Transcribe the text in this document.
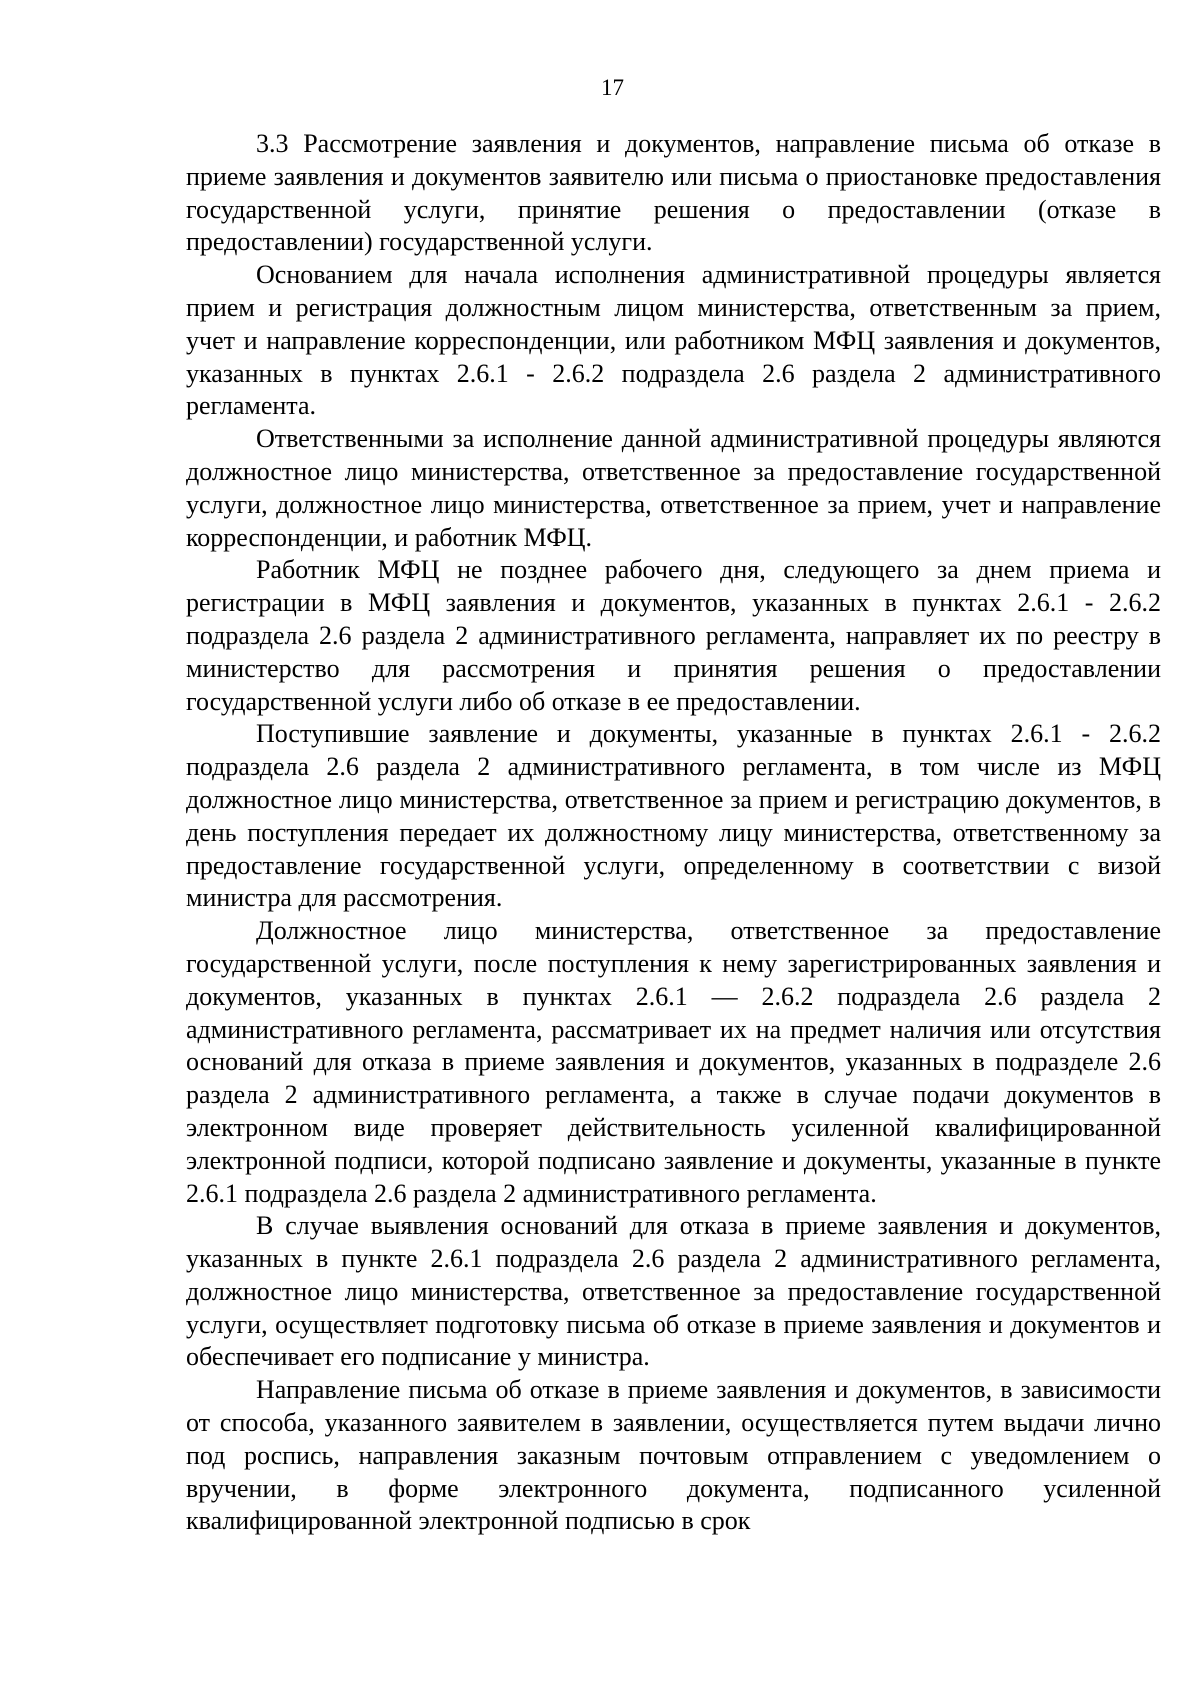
17

3.3 Рассмотрение заявления и документов, направление письма об отказе в приеме заявления и документов заявителю или письма о приостановке предоставления государственной услуги, принятие решения о предоставлении (отказе в предоставлении) государственной услуги.

Основанием для начала исполнения административной процедуры является прием и регистрация должностным лицом министерства, ответственным за прием, учет и направление корреспонденции, или работником МФЦ заявления и документов, указанных в пунктах 2.6.1 - 2.6.2 подраздела 2.6 раздела 2 административного регламента.

Ответственными за исполнение данной административной процедуры являются должностное лицо министерства, ответственное за предоставление государственной услуги, должностное лицо министерства, ответственное за прием, учет и направление корреспонденции, и работник МФЦ.

Работник МФЦ не позднее рабочего дня, следующего за днем приема и регистрации в МФЦ заявления и документов, указанных в пунктах 2.6.1 - 2.6.2 подраздела 2.6 раздела 2 административного регламента, направляет их по реестру в министерство для рассмотрения и принятия решения о предоставлении государственной услуги либо об отказе в ее предоставлении.

Поступившие заявление и документы, указанные в пунктах 2.6.1 - 2.6.2 подраздела 2.6 раздела 2 административного регламента, в том числе из МФЦ должностное лицо министерства, ответственное за прием и регистрацию документов, в день поступления передает их должностному лицу министерства, ответственному за предоставление государственной услуги, определенному в соответствии с визой министра для рассмотрения.

Должностное лицо министерства, ответственное за предоставление государственной услуги, после поступления к нему зарегистрированных заявления и документов, указанных в пунктах 2.6.1 — 2.6.2 подраздела 2.6 раздела 2 административного регламента, рассматривает их на предмет наличия или отсутствия оснований для отказа в приеме заявления и документов, указанных в подразделе 2.6 раздела 2 административного регламента, а также в случае подачи документов в электронном виде проверяет действительность усиленной квалифицированной электронной подписи, которой подписано заявление и документы, указанные в пункте 2.6.1 подраздела 2.6 раздела 2 административного регламента.

В случае выявления оснований для отказа в приеме заявления и документов, указанных в пункте 2.6.1 подраздела 2.6 раздела 2 административного регламента, должностное лицо министерства, ответственное за предоставление государственной услуги, осуществляет подготовку письма об отказе в приеме заявления и документов и обеспечивает его подписание у министра.

Направление письма об отказе в приеме заявления и документов, в зависимости от способа, указанного заявителем в заявлении, осуществляется путем выдачи лично под роспись, направления заказным почтовым отправлением с уведомлением о вручении, в форме электронного документа, подписанного усиленной квалифицированной электронной подписью в срок
